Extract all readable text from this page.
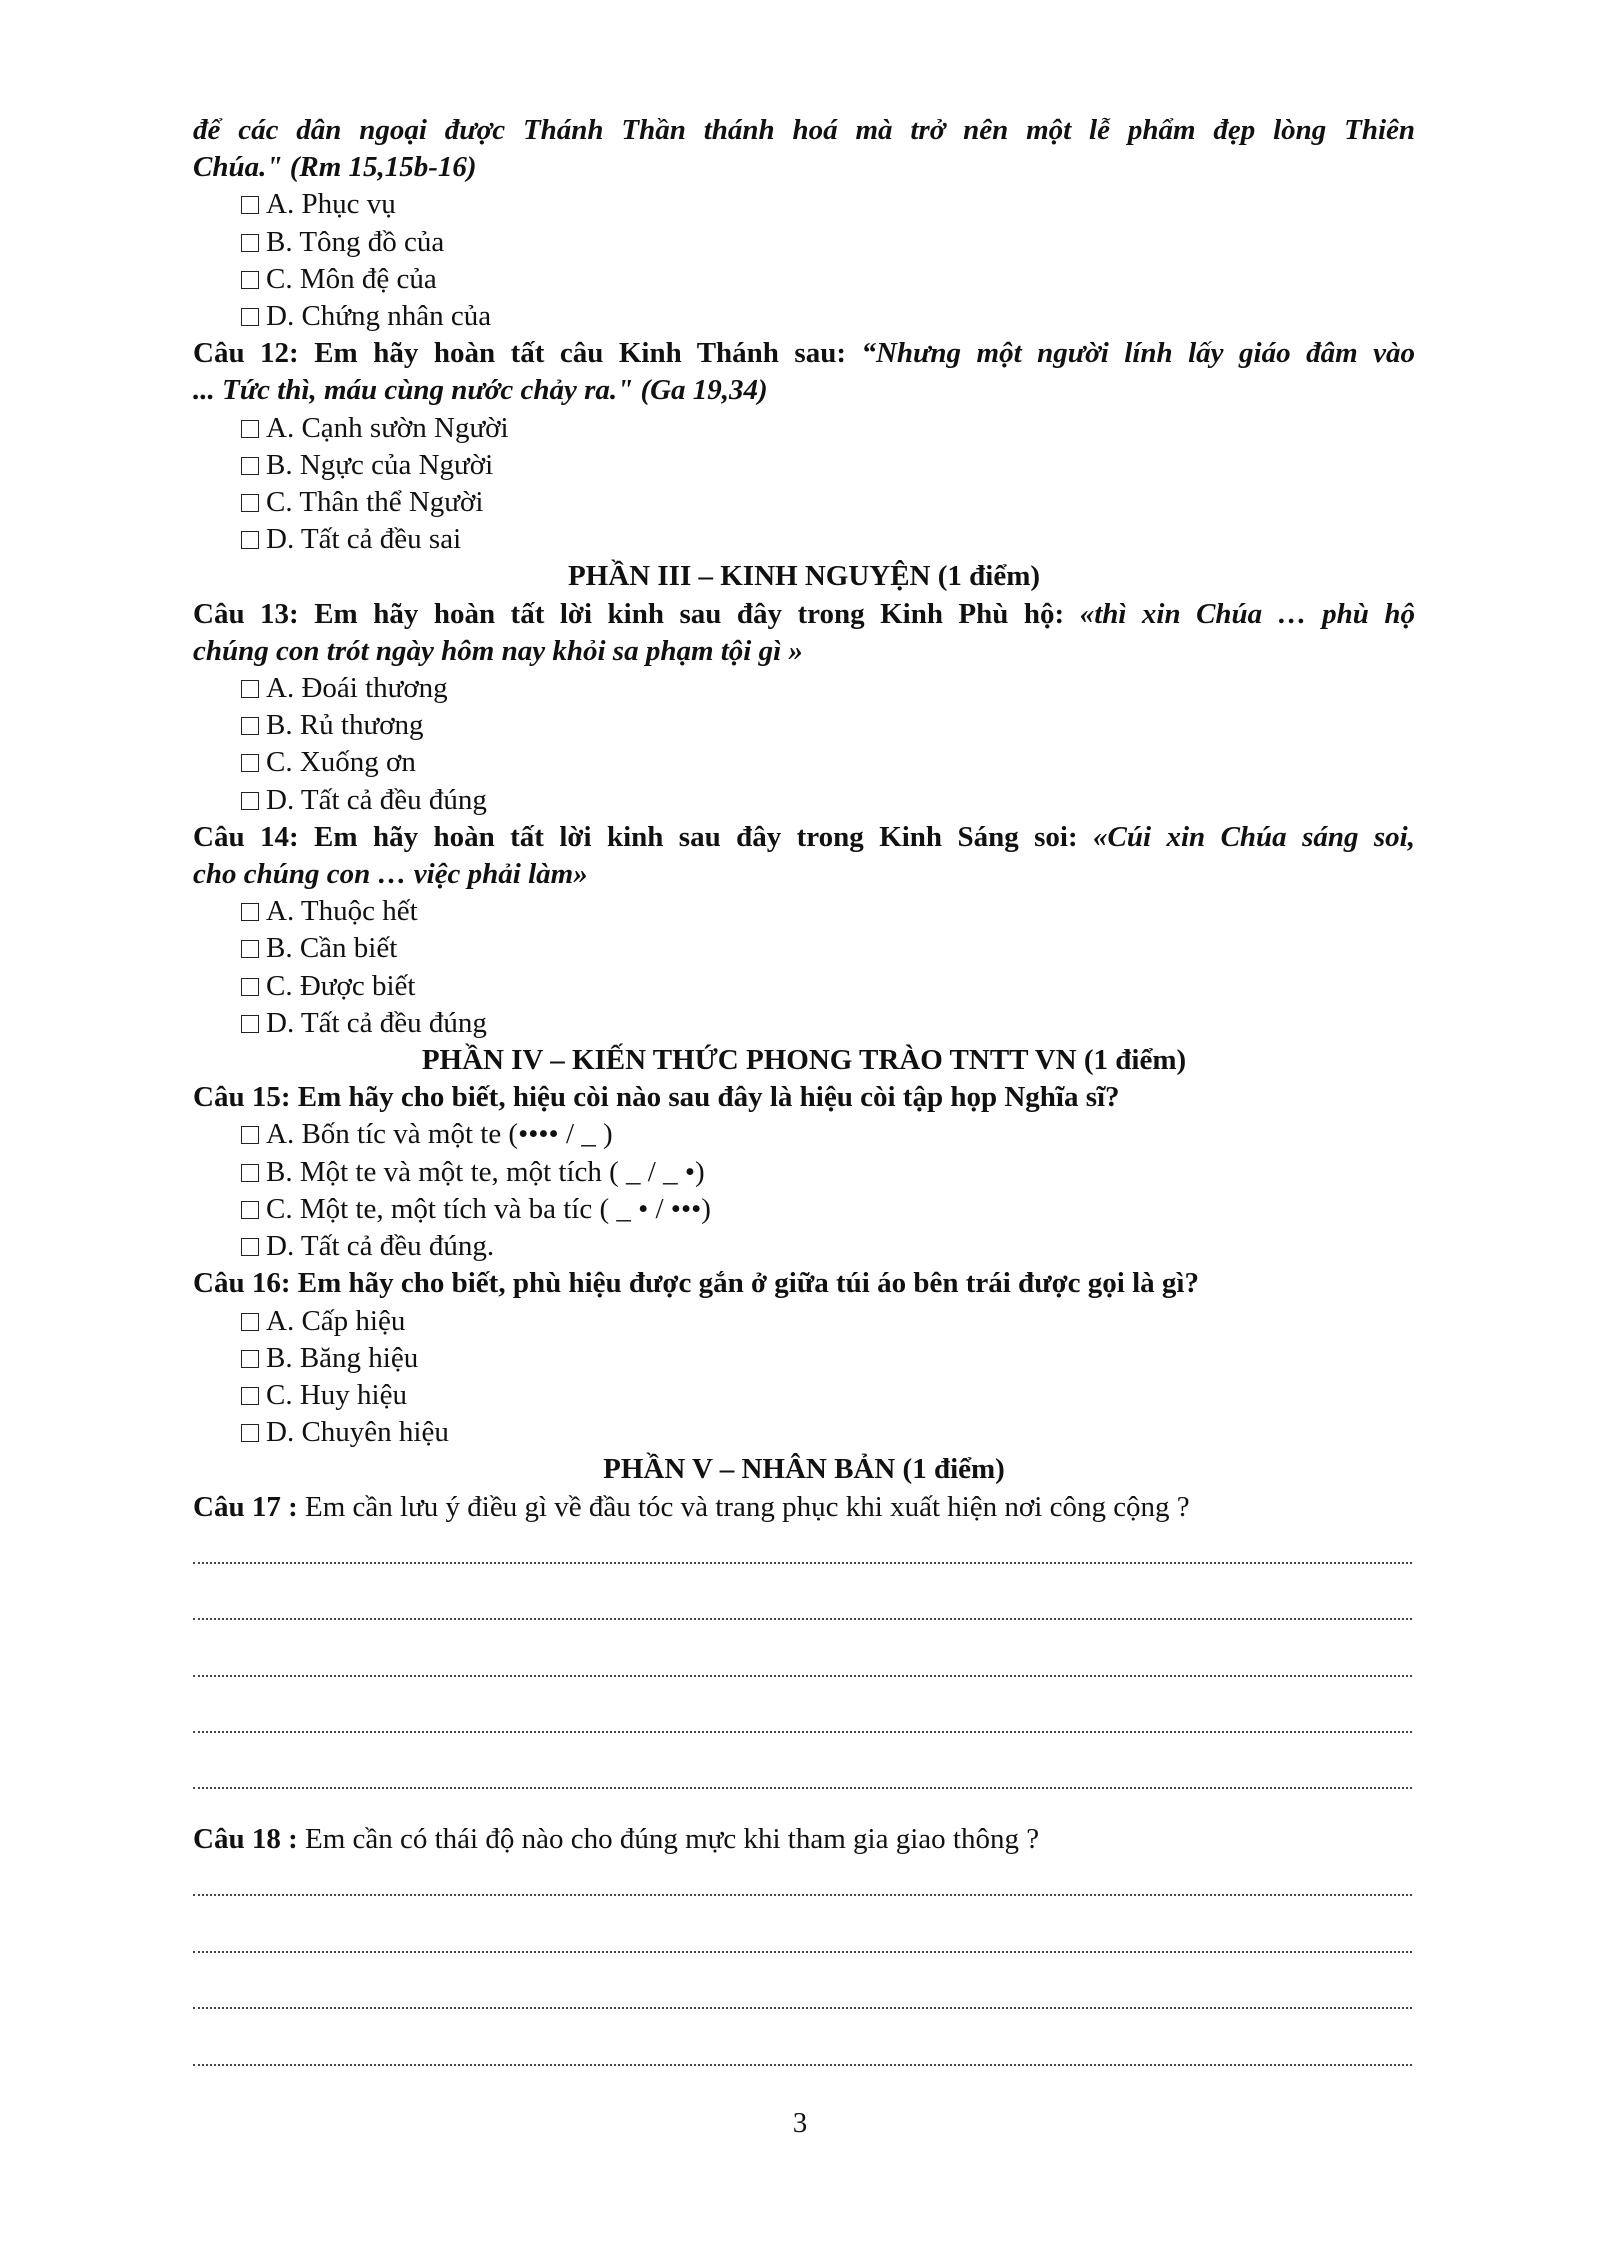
để các dân ngoại được Thánh Thần thánh hoá mà trở nên một lễ phẩm đẹp lòng Thiên
Chúa." (Rm 15,15b-16)
A. Phục vụ
B. Tông đồ của
C. Môn đệ của
D. Chứng nhân của
Câu 12: Em hãy hoàn tất câu Kinh Thánh sau: “Nhưng một người lính lấy giáo đâm vào
... Tức thì, máu cùng nước chảy ra." (Ga 19,34)
A. Cạnh sườn Người
B. Ngực của Người
C. Thân thể Người
D. Tất cả đều sai
PHẦN III – KINH NGUYỆN (1 điểm)
Câu 13: Em hãy hoàn tất lời kinh sau đây trong Kinh Phù hộ: «thì xin Chúa … phù hộ
chúng con trót ngày hôm nay khỏi sa phạm tội gì »
A. Đoái thương
B. Rủ thương
C. Xuống ơn
D. Tất cả đều đúng
Câu 14: Em hãy hoàn tất lời kinh sau đây trong Kinh Sáng soi: «Cúi xin Chúa sáng soi,
cho chúng con … việc phải làm»
A. Thuộc hết
B. Cần biết
C. Được biết
D. Tất cả đều đúng
PHẦN IV – KIẾN THỨC PHONG TRÀO TNTT VN (1 điểm)
Câu 15: Em hãy cho biết, hiệu còi nào sau đây là hiệu còi tập họp Nghĩa sĩ?
A. Bốn tíc và một te (•••• / _ )
B. Một te và một te, một tích ( _ / _ •)
C. Một te, một tích và ba tíc ( _ • / •••)
D. Tất cả đều đúng.
Câu 16: Em hãy cho biết, phù hiệu được gắn ở giữa túi áo bên trái được gọi là gì?
A. Cấp hiệu
B. Băng hiệu
C. Huy hiệu
D. Chuyên hiệu
PHẦN V – NHÂN BẢN (1 điểm)
Câu 17 : Em cần lưu ý điều gì về đầu tóc và trang phục khi xuất hiện nơi công cộng ?
Câu 18 : Em cần có thái độ nào cho đúng mực khi tham gia giao thông ?
3
